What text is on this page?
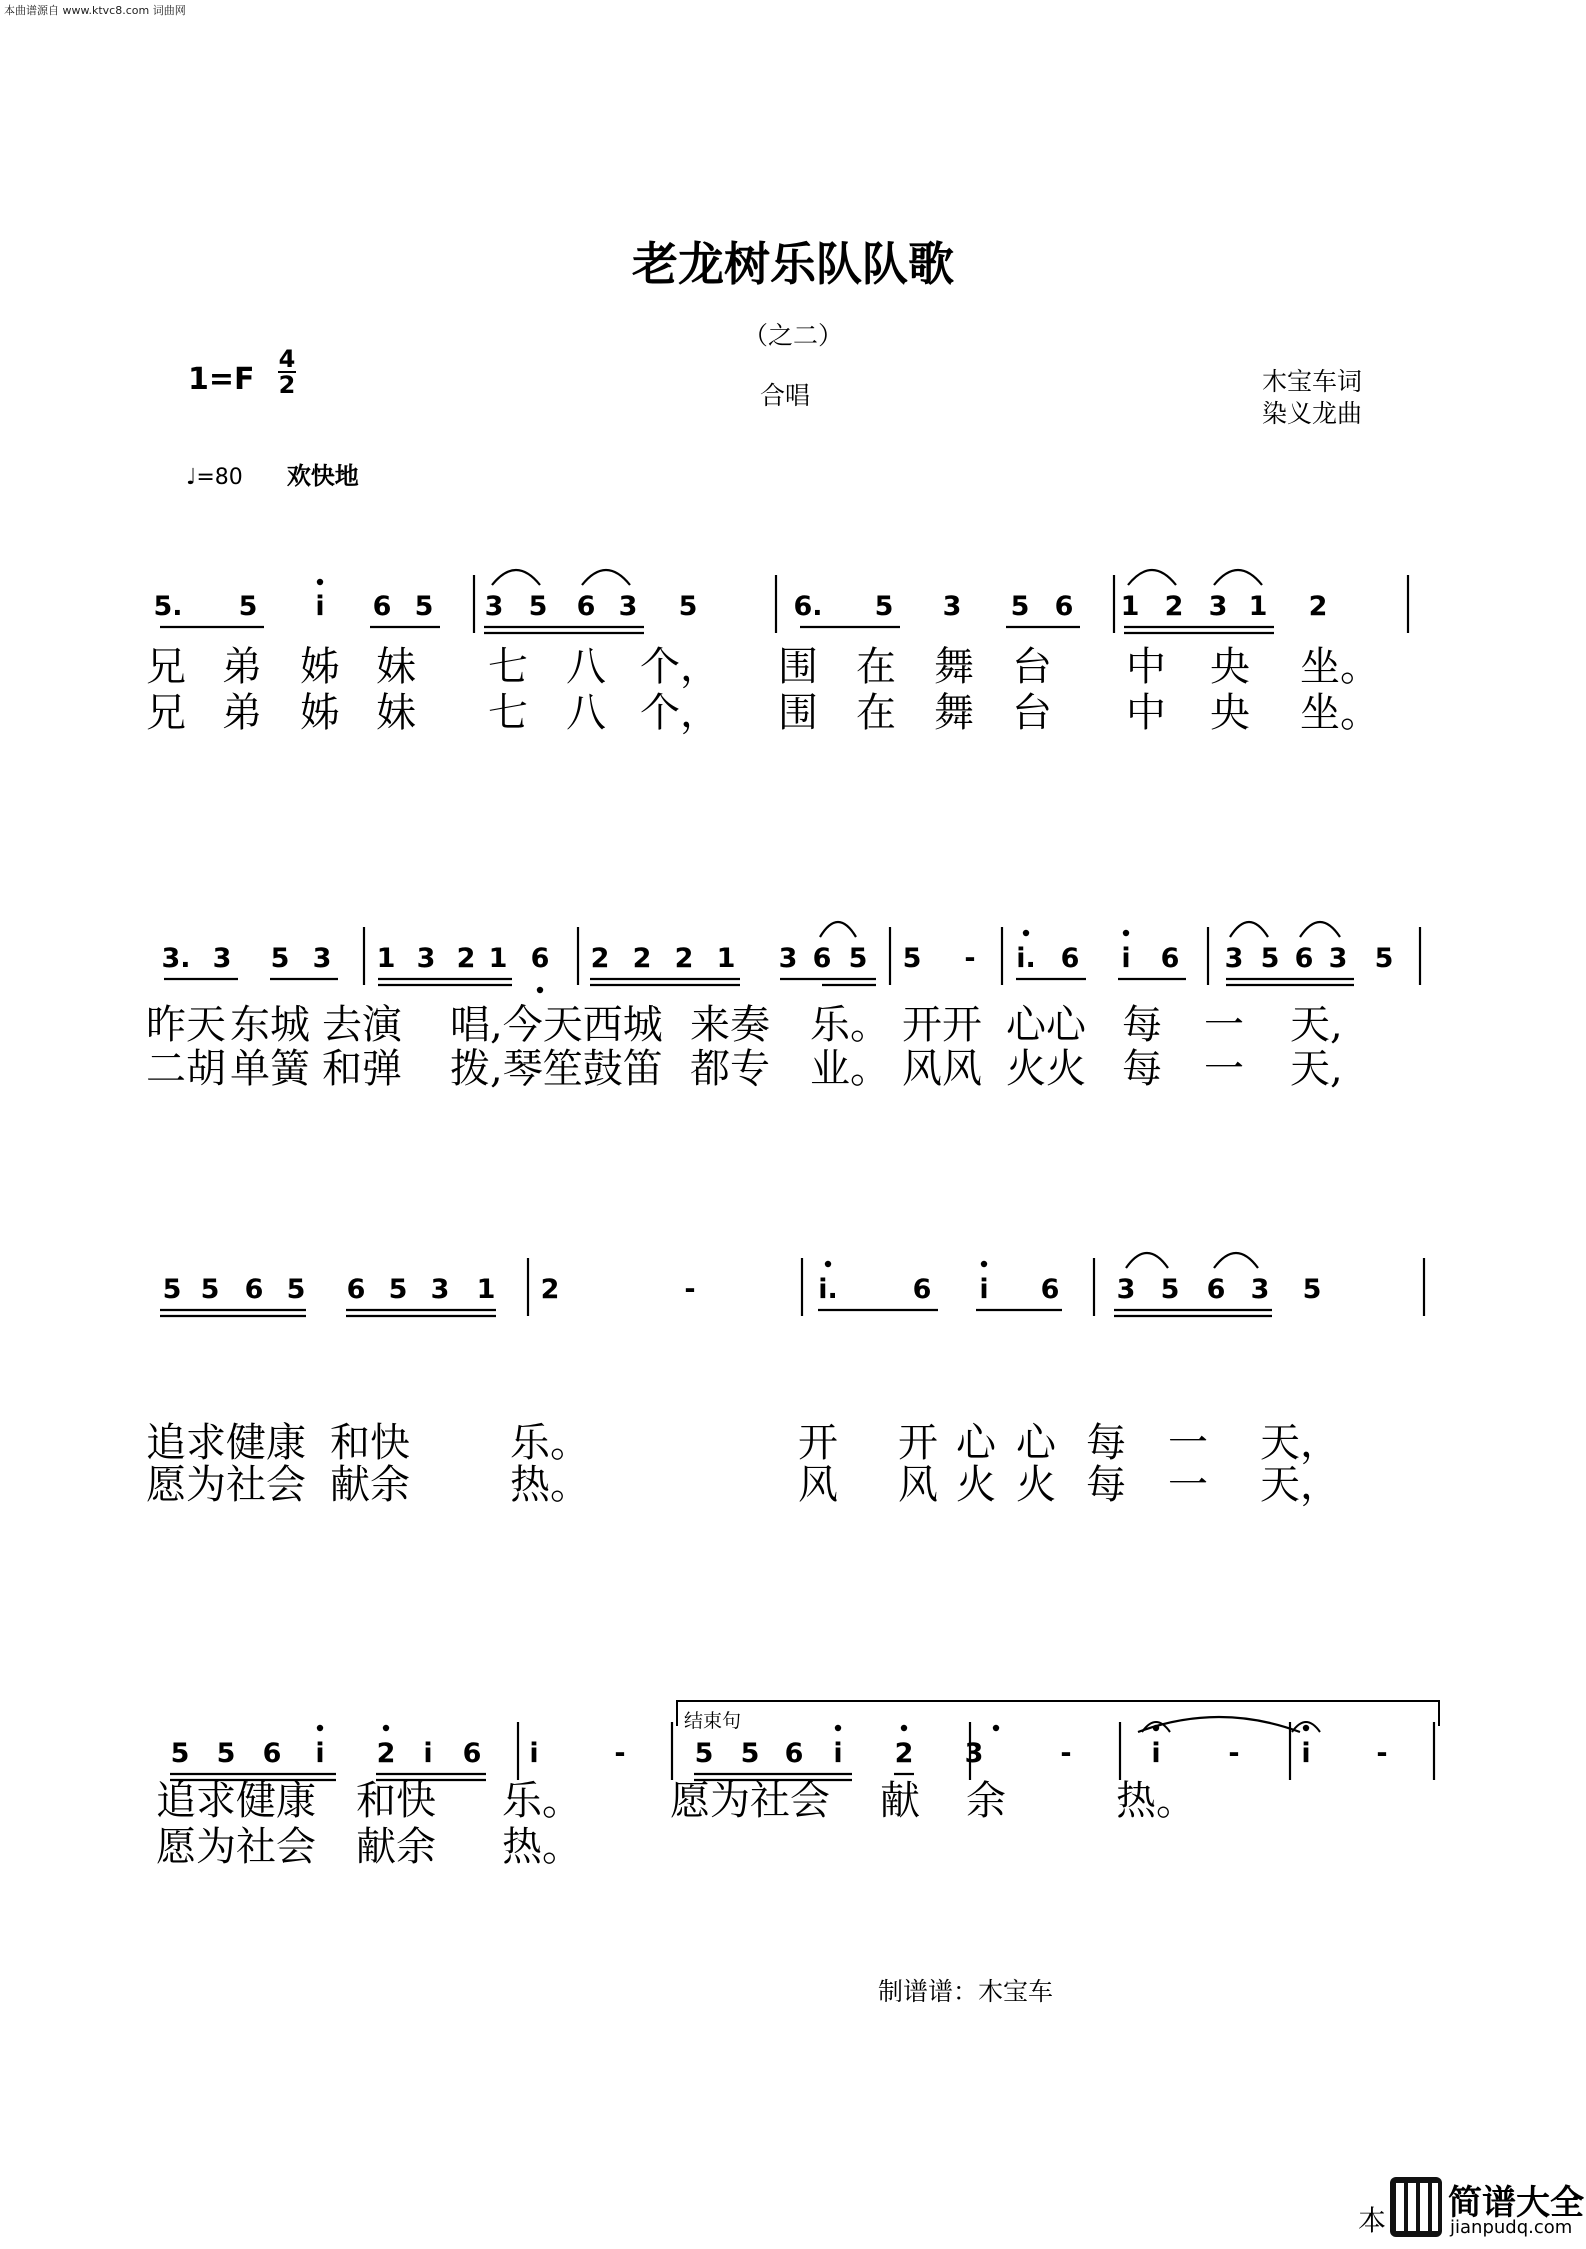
本曲谱源自 www.ktvc8.com 词曲网
老龙树乐队队歌
（之二）
1=F
4
2	合唱	木宝车词
染义龙曲
♩=80 欢快地
5. 5 i 6 5 3 5 6 3 5	6. 5 3 5 6 1 2 3 1 2
3. 3 5 3 1 3 2 1 6 2 2 2 1 3 6 5 5 - i. 6 i 6 3 5 6 3 5
5 5 6 5 6 5 3 1 2	-	i.	6 i 6 3 5 6 3 5
5 5 6 i 2 i 6 i	-	5 5 6 i 2 3	-	i	- i -
结束句
兄 弟 姊 妹 七 八 个， 围 在 舞 台 中 央 坐。
兄 弟 姊 妹 七 八 个， 围 在 舞 台 中 央 坐。
昨天 东城 去演 唱,今天西城 来奏 乐。 开开 心心 每 一 天,
二胡 单簧 和弹 拨,琴笙鼓笛 都专 业。 风风 火火 每 一 天,
追求健康 和快	乐。	开 开 心 心 每 一 天，
愿为社会 献余	热。	风 风 火 火 每 一 天，
追求健康 和快 乐。 愿为社会 献 余	热。
愿为社会 献余 热。
制谱谱：木宝车
本 简谱大全
jianpudq.com
